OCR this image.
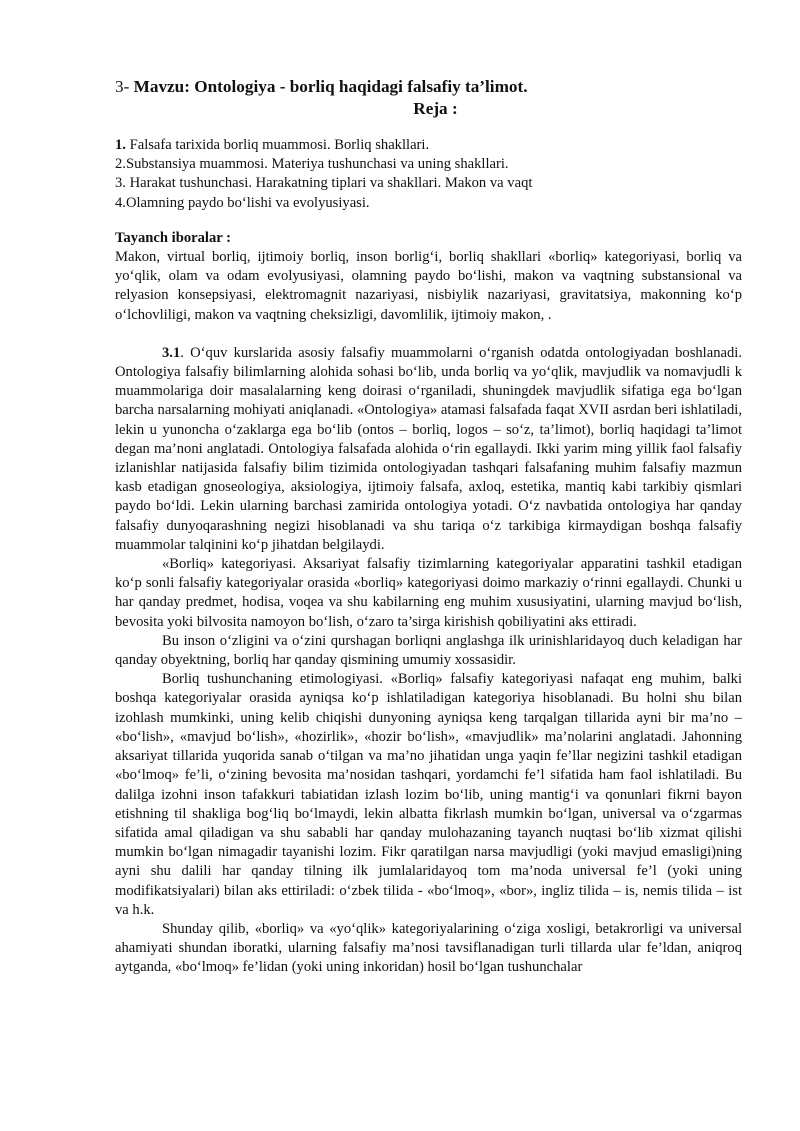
3- Mavzu: Ontologiya - borliq haqidagi falsafiy ta’limot.

Reja :

1. Falsafa tarixida borliq muammosi. Borliq shakllari.
2.Substansiya muammosi. Materiya tushunchasi va uning shakllari.
3. Harakat tushunchasi. Harakatning tiplari va shakllari. Makon va vaqt
4.Olamning paydo bo‘lishi va evolyusiyasi.
Tayanch iboralar :

Makon, virtual borliq, ijtimoiy borliq, inson borlig‘i, borliq shakllari «borliq» kategoriyasi, borliq va yo‘qlik, olam va odam evolyusiyasi, olamning paydo bo‘lishi, makon va vaqtning substansional va relyasion konsepsiyasi, elektromagnit nazariyasi, nisbiylik nazariyasi, gravitatsiya, makonning ko‘p o‘lchovliligi, makon va vaqtning cheksizligi, davomlilik, ijtimoiy makon, .

3.1. O‘quv kurslarida asosiy falsafiy muammolarni o‘rganish odatda ontologiyadan boshlanadi. Ontologiya falsafiy bilimlarning alohida sohasi bo‘lib, unda borliq va yo‘qlik, mavjudlik va nomavjudli k muammolariga doir masalalarning keng doirasi o‘rganiladi, shuningdek mavjudlik sifatiga ega bo‘lgan barcha narsalarning mohiyati aniqlanadi. «Ontologiya» atamasi falsafada faqat XVII asrdan beri ishlatiladi, lekin u yunoncha o‘zaklarga ega bo‘lib (ontos – borliq, logos – so‘z, ta’limot), borliq haqidagi ta’limot degan ma’noni anglatadi. Ontologiya falsafada alohida o‘rin egallaydi. Ikki yarim ming yillik faol falsafiy izlanishlar natijasida falsafiy bilim tizimida ontologiyadan tashqari falsafaning muhim falsafiy mazmun kasb etadigan gnoseologiya, aksiologiya, ijtimoiy falsafa, axloq, estetika, mantiq kabi tarkibiy qismlari paydo bo‘ldi. Lekin ularning barchasi zamirida ontologiya yotadi. O‘z navbatida ontologiya har qanday falsafiy dunyoqarashning negizi hisoblanadi va shu tariqa o‘z tarkibiga kirmaydigan boshqa falsafiy muammolar talqinini ko‘p jihatdan belgilaydi.

«Borliq» kategoriyasi. Aksariyat falsafiy tizimlarning kategoriyalar apparatini tashkil etadigan ko‘p sonli falsafiy kategoriyalar orasida «borliq» kategoriyasi doimo markaziy o‘rinni egallaydi. Chunki u har qanday predmet, hodisa, voqea va shu kabilarning eng muhim xususiyatini, ularning mavjud bo‘lish, bevosita yoki bilvosita namoyon bo‘lish, o‘zaro ta’sirga kirishish qobiliyatini aks ettiradi.

Bu inson o‘zligini va o‘zini qurshagan borliqni anglashga ilk urinishlaridayoq duch keladigan har qanday obyektning, borliq har qanday qismining umumiy xossasidir.

Borliq tushunchaning etimologiyasi. «Borliq» falsafiy kategoriyasi nafaqat eng muhim, balki boshqa kategoriyalar orasida ayniqsa ko‘p ishlatiladigan kategoriya hisoblanadi. Bu holni shu bilan izohlash mumkinki, uning kelib chiqishi dunyoning ayniqsa keng tarqalgan tillarida ayni bir ma’no – «bo‘lish», «mavjud bo‘lish», «hozirlik», «hozir bo‘lish», «mavjudlik» ma’nolarini anglatadi. Jahonning aksariyat tillarida yuqorida sanab o‘tilgan va ma’no jihatidan unga yaqin fe’llar negizini tashkil etadigan «bo‘lmoq» fe’li, o‘zining bevosita ma’nosidan tashqari, yordamchi fe’l sifatida ham faol ishlatiladi. Bu dalilga izohni inson tafakkuri tabiatidan izlash lozim bo‘lib, uning mantig‘i va qonunlari fikrni bayon etishning til shakliga bog‘liq bo‘lmaydi, lekin albatta fikrlash mumkin bo‘lgan, universal va o‘zgarmas sifatida amal qiladigan va shu sababli har qanday mulohazaning tayanch nuqtasi bo‘lib xizmat qilishi mumkin bo‘lgan nimagadir tayanishi lozim. Fikr qaratilgan narsa mavjudligi (yoki mavjud emasligi)ning ayni shu dalili har qanday tilning ilk jumlalaridayoq tom ma’noda universal fe’l (yoki uning modifikatsiyalari) bilan aks ettiriladi: o‘zbek tilida - «bo‘lmoq», «bor», ingliz tilida – is, nemis tilida – ist va h.k.

Shunday qilib, «borliq» va «yo‘qlik» kategoriyalarining o‘ziga xosligi, betakrorligi va universal ahamiyati shundan iboratki, ularning falsafiy ma’nosi tavsiflanadigan turli tillarda ular fe’ldan, aniqroq aytganda, «bo‘lmoq» fe’lidan (yoki uning inkoridan) hosil bo‘lgan tushunchalar
